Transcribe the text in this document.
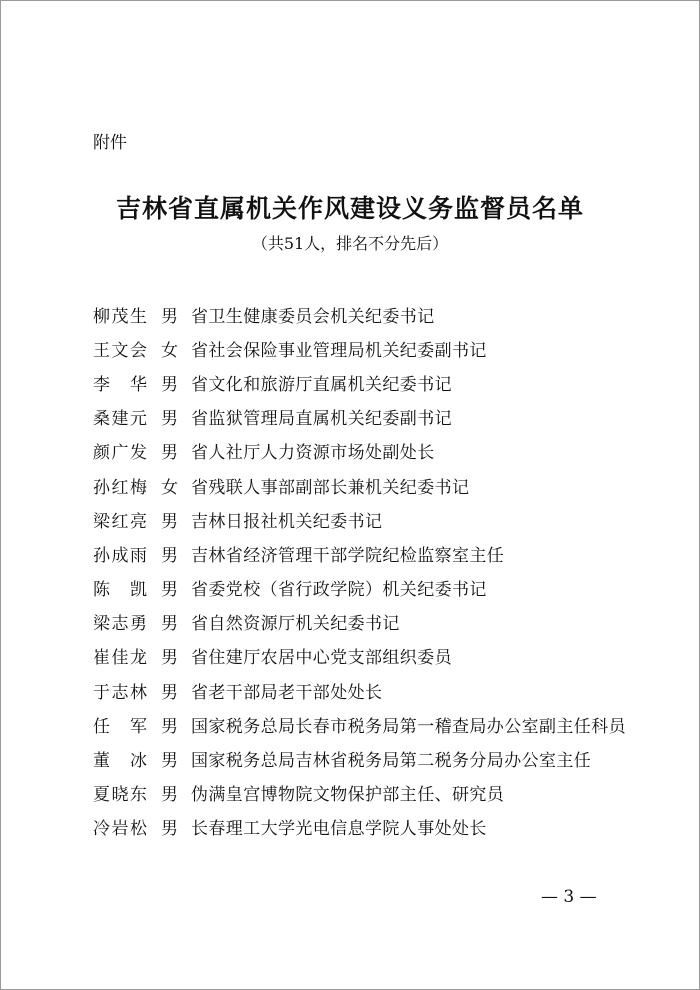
附件
吉林省直属机关作风建设义务监督员名单
（共51人，排名不分先后）
柳茂生 男 省卫生健康委员会机关纪委书记
王文会 女 省社会保险事业管理局机关纪委副书记
李　华 男 省文化和旅游厅直属机关纪委书记
桑建元 男 省监狱管理局直属机关纪委副书记
颜广发 男 省人社厅人力资源市场处副处长
孙红梅 女 省残联人事部副部长兼机关纪委书记
梁红亮 男 吉林日报社机关纪委书记
孙成雨 男 吉林省经济管理干部学院纪检监察室主任
陈　凯 男 省委党校（省行政学院）机关纪委书记
梁志勇 男 省自然资源厅机关纪委书记
崔佳龙 男 省住建厅农居中心党支部组织委员
于志林 男 省老干部局老干部处处长
任　军 男 国家税务总局长春市税务局第一稽查局办公室副主任科员
董　冰 男 国家税务总局吉林省税务局第二税务分局办公室主任
夏晓东 男 伪满皇宫博物院文物保护部主任、研究员
冷岩松 男 长春理工大学光电信息学院人事处处长
— 3 —
